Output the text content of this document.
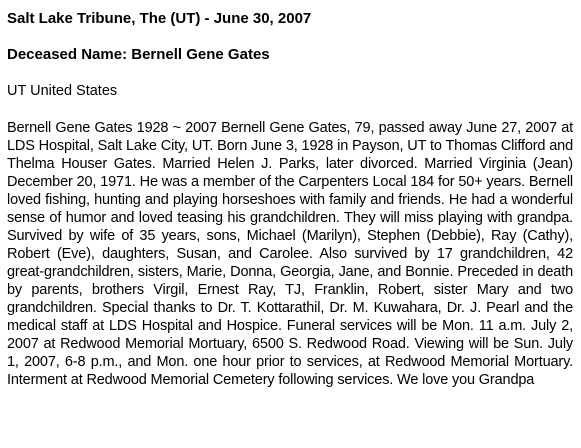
Salt Lake Tribune, The (UT) - June 30, 2007
Deceased Name: Bernell Gene Gates
UT United States

Bernell Gene Gates 1928 ~ 2007 Bernell Gene Gates, 79, passed away June 27, 2007 at LDS Hospital, Salt Lake City, UT. Born June 3, 1928 in Payson, UT to Thomas Clifford and Thelma Houser Gates. Married Helen J. Parks, later divorced. Married Virginia (Jean) December 20, 1971. He was a member of the Carpenters Local 184 for 50+ years. Bernell loved fishing, hunting and playing horseshoes with family and friends. He had a wonderful sense of humor and loved teasing his grandchildren. They will miss playing with grandpa. Survived by wife of 35 years, sons, Michael (Marilyn), Stephen (Debbie), Ray (Cathy), Robert (Eve), daughters, Susan, and Carolee. Also survived by 17 grandchildren, 42 great-grandchildren, sisters, Marie, Donna, Georgia, Jane, and Bonnie. Preceded in death by parents, brothers Virgil, Ernest Ray, TJ, Franklin, Robert, sister Mary and two grandchildren. Special thanks to Dr. T. Kottarathil, Dr. M. Kuwahara, Dr. J. Pearl and the medical staff at LDS Hospital and Hospice. Funeral services will be Mon. 11 a.m. July 2, 2007 at Redwood Memorial Mortuary, 6500 S. Redwood Road. Viewing will be Sun. July 1, 2007, 6-8 p.m., and Mon. one hour prior to services, at Redwood Memorial Mortuary. Interment at Redwood Memorial Cemetery following services. We love you Grandpa
